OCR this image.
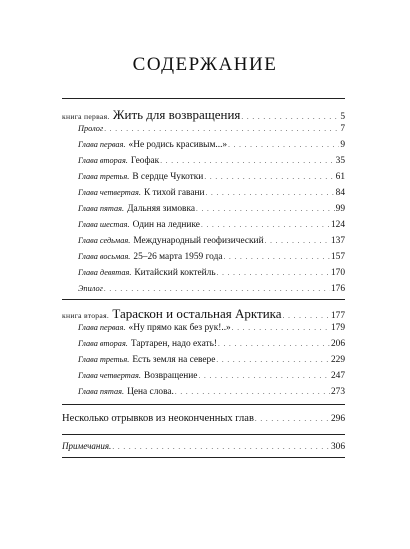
СОДЕРЖАНИЕ
книга первая. Жить для возвращения . . .	5
Пролог . . .	7
Глава первая. «Не родись красивым...» . . .	9
Глава вторая. Геофак . . .	35
Глава третья. В сердце Чукотки . . .	61
Глава четвертая. К тихой гавани . . .	84
Глава пятая. Дальняя зимовка . . .	99
Глава шестая. Один на леднике . . .	124
Глава седьмая. Международный геофизический . . .	137
Глава восьмая. 25–26 марта 1959 года . . .	157
Глава девятая. Китайский коктейль . . .	170
Эпилог . . .	176
книга вторая. Тараскон и остальная Арктика . . .	177
Глава первая. «Ну прямо как без рук!..» . . .	179
Глава вторая. Тартарен, надо ехать! . . .	206
Глава третья. Есть земля на севере . . .	229
Глава четвертая. Возвращение . . .	247
Глава пятая. Цена слова. . . .	273
Несколько отрывков из неоконченных глав . . .	296
Примечания. . . .	306
